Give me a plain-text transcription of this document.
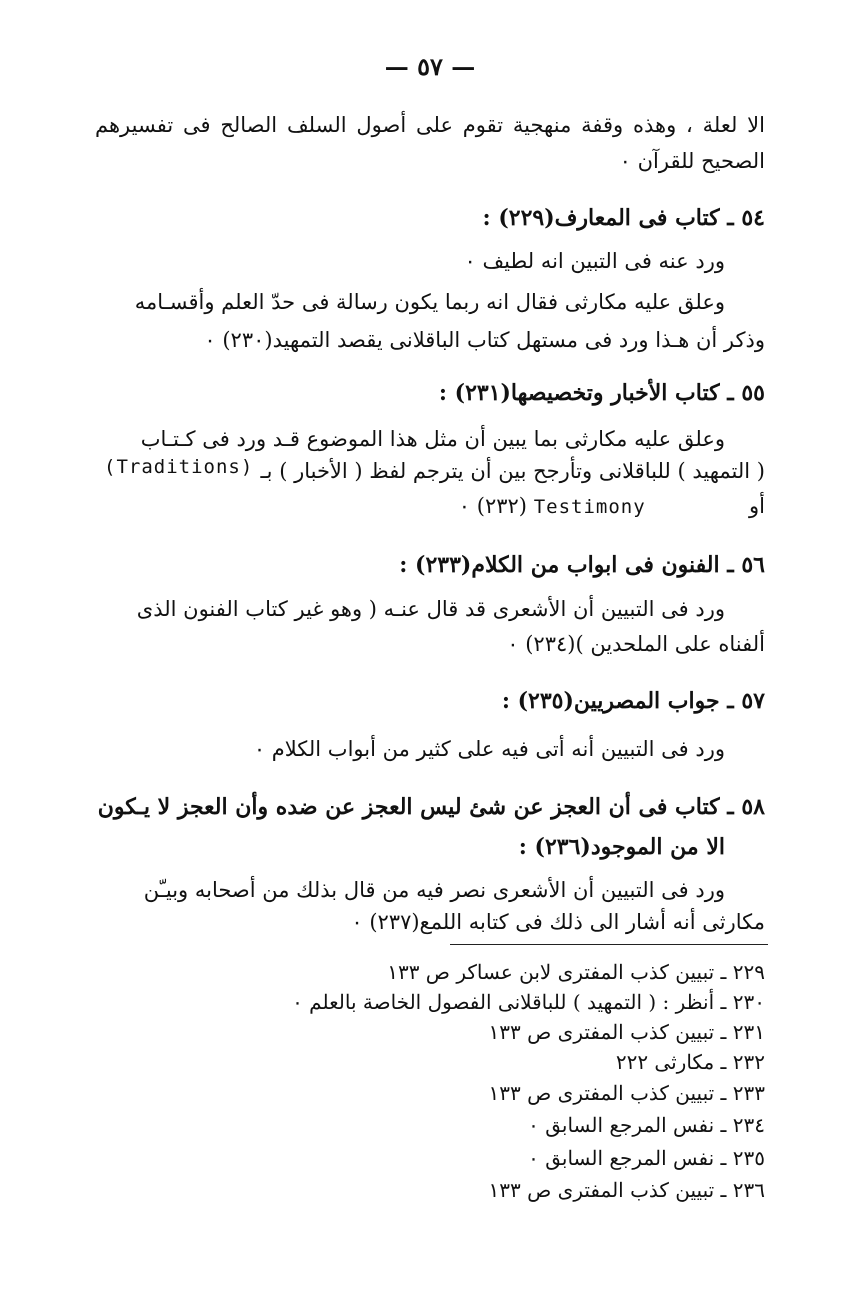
— ٥٧ —
الا لعلة ، وهذه وقفة منهجية تقوم على أصول السلف الصالح فى تفسيرهم
الصحيح للقرآن ٠
٥٤ ـ كتاب فى المعارف(٢٢٩) :
ورد عنه فى التبين انه لطيف ٠
وعلق عليه مكارثى فقال انه ربما يكون رسالة فى حدّ العلم وأقسـامه
وذكر أن هـذا ورد فى مستهل كتاب الباقلانى يقصد التمهيد(٢٣٠) ٠
٥٥ ـ كتاب الأخبار وتخصيصها(٢٣١) :
وعلق عليه مكارثى بما يبين أن مثل هذا الموضوع قـد ورد فى كـتـاب
( التمهيد ) للباقلانى وتأرجح بين أن يترجم لفظ ( الأخبار ) بـ
(Traditions)
أو  Testimony (٢٣٢) ٠
٥٦ ـ الفنون فى ابواب من الكلام(٢٣٣) :
ورد فى التبيين أن الأشعرى قد قال عنـه ( وهو غير كتاب الفنون الذى
ألفناه على الملحدين )(٢٣٤) ٠
٥٧ ـ جواب المصريين(٢٣٥) :
ورد فى التبيين أنه أتى فيه على كثير من أبواب الكلام ٠
٥٨ ـ كتاب فى أن العجز عن شئ ليس العجز عن ضده وأن العجز لا يـكون
الا من الموجود(٢٣٦) :
ورد فى التبيين أن الأشعرى نصر فيه من قال بذلك من أصحابه وبيـّن
مكارثى أنه أشار الى ذلك فى كتابه اللمع(٢٣٧) ٠
٢٢٩ ـ تبيين كذب المفترى لابن عساكر ص ١٣٣
٢٣٠ ـ أنظر : ( التمهيد ) للباقلانى الفصول الخاصة بالعلم ٠
٢٣١ ـ تبيين كذب المفترى ص ١٣٣
٢٣٢ ـ مكارثى ٢٢٢
٢٣٣ ـ تبيين كذب المفترى ص ١٣٣
٢٣٤ ـ نفس المرجع السابق ٠
٢٣٥ ـ نفس المرجع السابق ٠
٢٣٦ ـ تبيين كذب المفترى ص ١٣٣
